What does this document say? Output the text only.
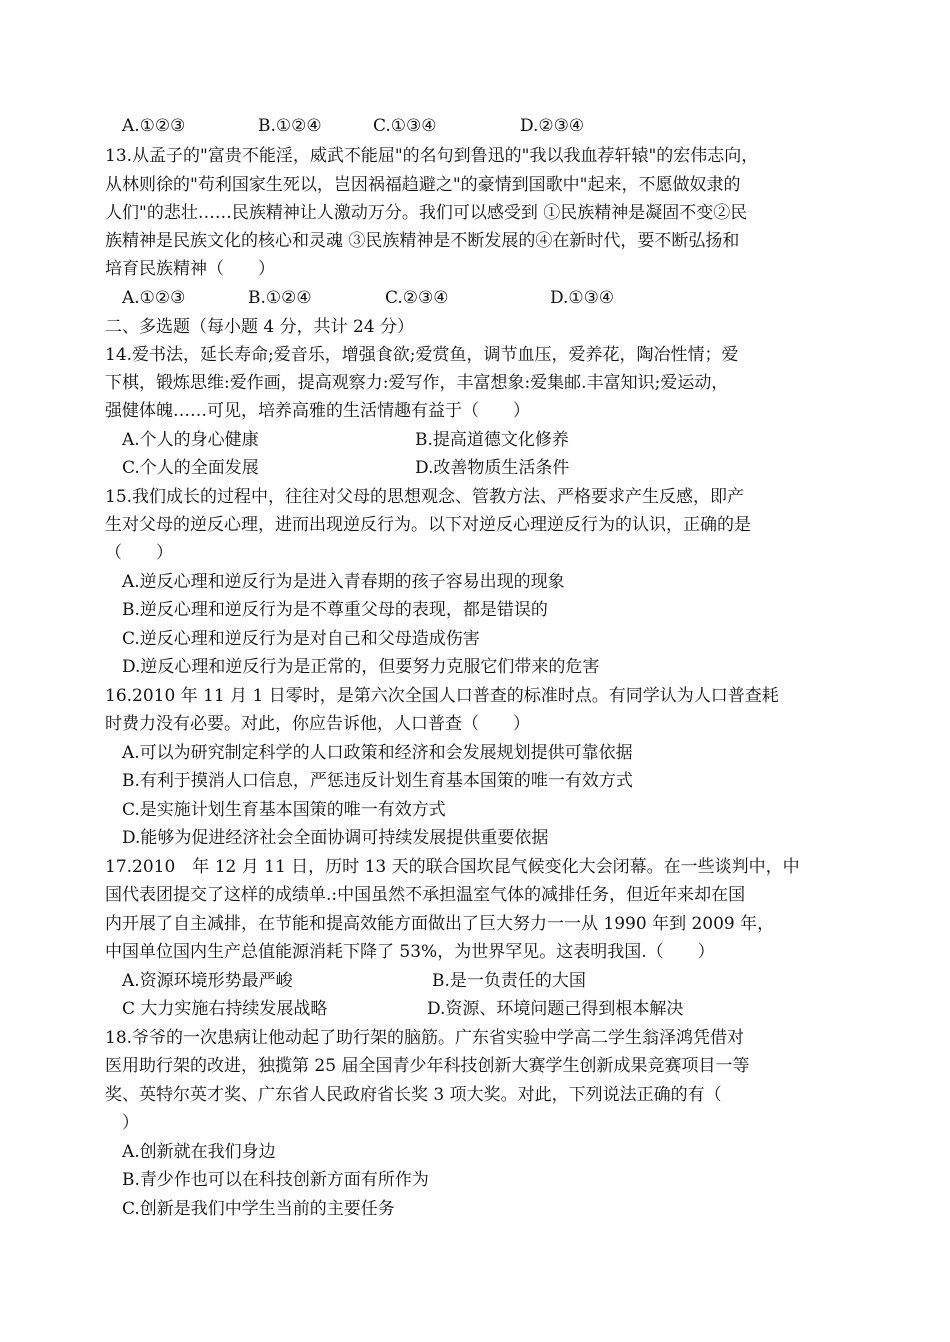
A.①②③	B.①②④	C.①③④	D.②③④
13.从孟子的"富贵不能淫，威武不能屈"的名句到鲁迅的"我以我血荐轩辕"的宏伟志向，
从林则徐的"苟利国家生死以，岂因祸福趋避之"的豪情到国歌中"起来，不愿做奴隶的
人们"的悲壮……民族精神让人激动万分。我们可以感受到 ①民族精神是凝固不变②民
族精神是民族文化的核心和灵魂 ③民族精神是不断发展的④在新时代，要不断弘扬和
培育民族精神（　　）
A.①②③	B.①②④	C.②③④	D.①③④
二、多选题（每小题 4 分，共计 24 分）
14.爱书法，延长寿命;爱音乐，增强食欲;爱赏鱼，调节血压，爱养花，陶冶性情；爱
下棋，锻炼思维:爱作画，提高观察力:爱写作，丰富想象:爱集邮.丰富知识;爱运动，
强健体魄……可见，培养高雅的生活情趣有益于（　　）
A.个人的身心健康	B.提高道德文化修养
C.个人的全面发展	D.改善物质生活条件
15.我们成长的过程中，往往对父母的思想观念、管教方法、严格要求产生反感，即产
生对父母的逆反心理，进而出现逆反行为。以下对逆反心理逆反行为的认识，正确的是
（　　）
A.逆反心理和逆反行为是进入青春期的孩子容易出现的现象
B.逆反心理和逆反行为是不尊重父母的表现，都是错误的
C.逆反心理和逆反行为是对自己和父母造成伤害
D.逆反心理和逆反行为是正常的，但要努力克服它们带来的危害
16.2010 年 11 月 1 日零时，是第六次全国人口普查的标准时点。有同学认为人口普查耗
时费力没有必要。对此，你应告诉他，人口普查（　　）
A.可以为研究制定科学的人口政策和经济和会发展规划提供可靠依据
B.有利于摸消人口信息，严惩违反计划生育基本国策的唯一有效方式
C.是实施计划生育基本国策的唯一有效方式
D.能够为促进经济社会全面协调可持续发展提供重要依据
17.2010　年 12 月 11 日，历时 13 天的联合国坎昆气候变化大会闭幕。在一些谈判中，中
国代表团提交了这样的成绩单.:中国虽然不承担温室气体的减排任务，但近年来却在国
内开展了自主减排，在节能和提高效能方面做出了巨大努力一一从 1990 年到 2009 年，
中国单位国内生产总值能源消耗下降了 53%，为世界罕见。这表明我国.（　　）
A.资源环境形势最严峻	B.是一负责任的大国
C 大力实施右持续发展战略	D.资源、环境问题己得到根本解决
18.爷爷的一次患病让他动起了助行架的脑筋。广东省实验中学高二学生翁泽鸿凭借对
医用助行架的改进，独揽第 25 届全国青少年科技创新大赛学生创新成果竞赛项目一等
奖、英特尔英才奖、广东省人民政府省长奖 3 项大奖。对此，下列说法正确的有（
）
A.创新就在我们身边
B.青少作也可以在科技创新方面有所作为
C.创新是我们中学生当前的主要任务
